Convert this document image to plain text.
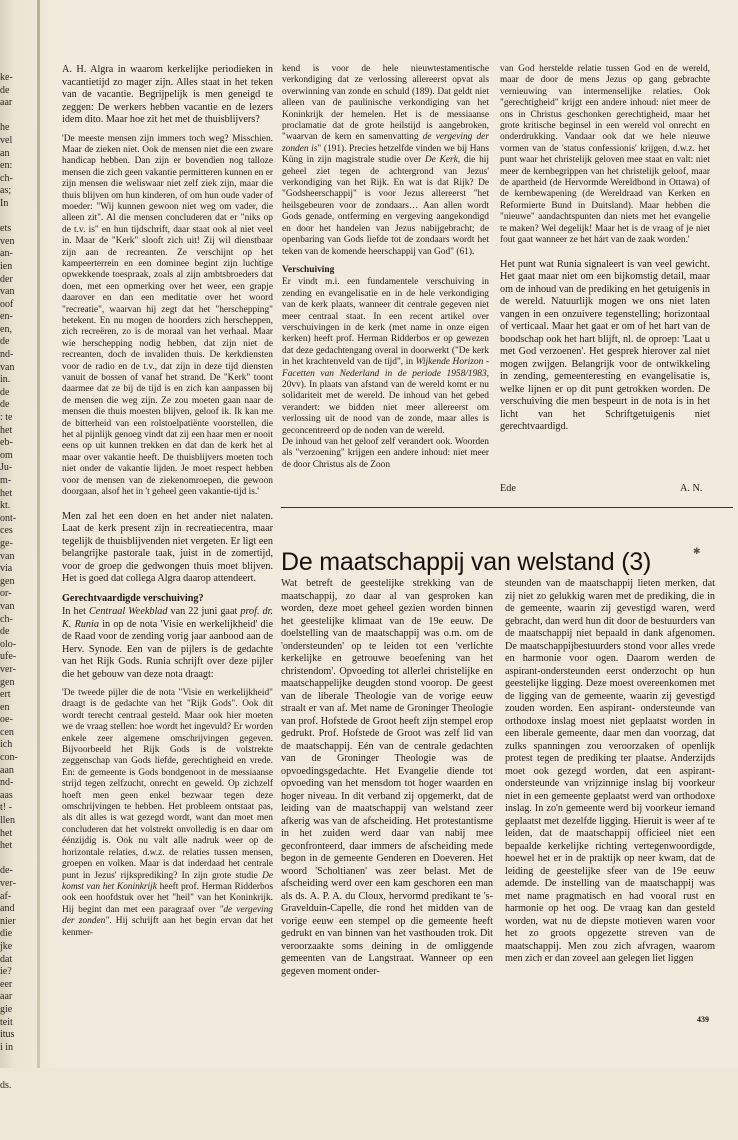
ke-
de
aar
he
vel
an
en:
ch-
as;
In
ets
ven
an-
ien
der
van
oof
en-
en,
de
nd-
van
in.
de
de
: te
het
eb-
om
Ju-
m-
het
kt.
ont-
ces
ge-
van
via
gen
or-
van
ch-
de
olo-
ufe-
ver-
gen
ert
en
oe-
cen
ich
con-
aan
nd-
aas
t! -
llen
het
het
de-
ver-
af-
and
nier
die
jke
dat
ie?
eer
aar
gie
teit
itus
i in
ds.

A. H. Algra in waarom kerkelijke periodieken in vacantietijd zo mager zijn. Alles staat in het teken van de vacantie. Begrijpelijk is men geneigd te zeggen: De werkers hebben vacantie en de lezers idem dito. Maar hoe zit het met de thuisblijvers?

'De meeste mensen zijn immers toch weg? Misschien. Maar de zieken niet. Ook de mensen niet die een zware handicap hebben. Dan zijn er bovendien nog talloze mensen die zich geen vakantie permitteren kunnen en er zijn mensen die weliswaar niet zelf ziek zijn, maar die thuis blijven om hun kinderen, of om hun oude vader of moeder: "Wij kunnen gewoon niet weg om vader, die alleen zit". Al die mensen concluderen dat er "niks op de t.v. is" en hun tijdschrift, daar staat ook al niet veel in. Maar de "Kerk" slooft zich uit! Zij wil dienstbaar zijn aan de recreanten. Ze verschijnt op het kampeerterrein en een dominee begint zijn luchtige opwekkende toespraak, zoals al zijn ambtsbroeders dat doen, met een opmerking over het weer, een grapje daarover en dan een meditatie over het woord "recreatie", waarvan hij zegt dat het "herschepping" betekent. En nu mogen de hoorders zich herscheppen, zich recreëren, zo is de moraal van het verhaal. Maar wie herschepping nodig hebben, dat zijn niet de recreanten, doch de invaliden thuis. De kerkdiensten voor de radio en de t.v., dat zijn in deze tijd diensten vanuit de bossen of vanaf het strand. De "Kerk" toont daarmee dat ze bij de tijd is en zich kan aanpassen bij de mensen die weg zijn. Ze zou moeten gaan naar de mensen die thuis moesten blijven, geloof ik. Ik kan me de bitterheid van een rolstoelpatiënte voorstellen, die het al pijnlijk genoeg vindt dat zij een haar men er nooit eens op uit kunnen trekken en dat dan de kerk het al maar over vakantie heeft. De thuisblijvers moeten toch niet onder de vakantie lijden. Je moet respect hebben voor de mensen van de ziekenomroepen, die gewoon doorgaan, alsof het in 't geheel geen vakantie-tijd is.'

Men zal het een doen en het ander niet nalaten. Laat de kerk present zijn in recreatiecentra, maar tegelijk de thuisblijvenden niet vergeten. Er ligt een belangrijke pastorale taak, juist in de zomertijd, voor de groep die gedwongen thuis moet blijven. Het is goed dat collega Algra daarop attendeert.

Gerechtvaardigde verschuiving?

In het Centraal Weekblad van 22 juni gaat prof. dr. K. Runia in op de nota 'Visie en werkelijkheid' die de Raad voor de zending vorig jaar aanbood aan de Herv. Synode. Een van de pijlers is de gedachte van het Rijk Gods. Runia schrijft over deze pijler die het gebouw van deze nota draagt:

'De tweede pijler die de nota "Visie en werkelijkheid" draagt is de gedachte van het "Rijk Gods". Ook dit wordt terecht centraal gesteld. Maar ook hier moeten we de vraag stellen: hoe wordt het ingevuld? Er worden enkele zeer algemene omschrijvingen gegeven. Bijvoorbeeld het Rijk Gods is de volstrekte zeggenschap van Gods liefde, gerechtigheid en vrede. En: de gemeente is Gods bondgenoot in de messiaanse strijd tegen zelfzucht, onrecht en geweld. Op zichzelf hoeft men geen enkel bezwaar tegen deze omschrijvingen te hebben. Het probleem ontstaat pas, als dit alles is wat gezegd wordt, want dan moet men concluderen dat het volstrekt onvolledig is en daar om éénzijdig is. Ook nu valt alle nadruk weer op de horizontale relaties, d.w.z. de relaties tussen mensen, groepen en volken. Maar is dat inderdaad het centrale punt in Jezus' rijksprediking? In zijn grote studie De komst van het Koninkrijk heeft prof. Herman Ridderbos ook een hoofdstuk over het "heil" van het Koninkrijk. Hij begint dan met een paragraaf over "de vergeving der zonden". Hij schrijft aan het begin ervan dat het kenmer-

kend is voor de hele nieuwtestamentische verkondiging dat ze verlossing allereerst opvat als overwinning van zonde en schuld (189). Dat geldt niet alleen van de paulinische verkondiging van het Koninkrijk der hemelen. Het is de messiaanse proclamatie dat de grote heilstijd is aangebroken, "waarvan de kern en samenvatting de vergeving der zonden is" (191). Precies hetzelfde vinden we bij Hans Küng in zijn magistrale studie over De Kerk, die hij geheel ziet tegen de achtergrond van Jezus' verkondiging van het Rijk. En wat is dat Rijk? De "Godsheerschappij" is voor Jezus allereerst "het heilsgebeuren voor de zondaars… Aan allen wordt Gods genade, ontferming en vergeving aangekondigd en door het handelen van Jezus nabijgebracht; de openbaring van Gods liefde tot de zondaars wordt het teken van de komende heerschappij van God" (61).

Verschuiving

Er vindt m.i. een fundamentele verschuiving in zending en evangelisatie en in de hele verkondiging van de kerk plaats, wanneer dit centrale gegeven niet meer centraal staat. In een recent artikel over verschuivingen in de kerk (met name in onze eigen kerken) heeft prof. Herman Ridderbos er op gewezen dat deze gedachtengang overal in doorwerkt ("De kerk in het krachtenveld van de tijd", in Wijkende Horizon - Facetten van Nederland in de periode 1958/1983, 20vv). In plaats van afstand van de wereld komt er nu solidariteit met de wereld. De inhoud van het gebed verandert: we bidden niet meer allereerst om verlossing uit de nood van de zonde, maar alles is geconcentreerd op de noden van de wereld.

De inhoud van het geloof zelf verandert ook. Woorden als "verzoening" krijgen een andere inhoud: niet meer de door Christus als de Zoon

van God herstelde relatie tussen God en de wereld, maar de door de mens Jezus op gang gebrachte vernieuwing van intermenselijke relaties. Ook "gerechtigheid" krijgt een andere inhoud: niet meer de ons in Christus geschonken gerechtigheid, maar het grote kritische beginsel in een wereld vol onrecht en onderdrukking. Vandaar ook dat we hele nieuwe vormen van de 'status confessionis' krijgen, d.w.z. het punt waar het christelijk geloven mee staat en valt: niet meer de kernbegrippen van het christelijk geloof, maar de apartheid (de Hervormde Wereldbond in Ottawa) of de kernbewapening (de Wereldraad van Kerken en Reformierte Bund in Duitsland). Maar hebben die "nieuwe" aandachtspunten dan niets met het evangelie te maken? Wel degelijk! Maar het is de vraag of je niet fout gaat wanneer ze het hárt van de zaak worden.'

Het punt wat Runia signaleert is van veel gewicht. Het gaat maar niet om een bijkomstig detail, maar om de inhoud van de prediking en het getuigenis in de wereld. Natuurlijk mogen we ons niet laten vangen in een onzuivere tegenstelling; horizontaal of verticaal. Maar het gaat er om of het hart van de boodschap ook het hart blijft, nl. de oproep: 'Laat u met God verzoenen'. Het gesprek hierover zal niet mogen zwijgen. Belangrijk voor de ontwikkeling in zending, gemeenteresting en evangelisatie is, welke lijnen er op dit punt getrokken worden. De verschuiving die men bespeurt in de nota is in het licht van het Schriftgetuigenis niet gerechtvaardigd.

Ede	A. N.
✱
De maatschappij van welstand (3)

Wat betreft de geestelijke strekking van de maatschappij, zo daar al van gesproken kan worden, deze moet geheel gezien worden binnen het geestelijke klimaat van de 19e eeuw. De doelstelling van de maatschappij was o.m. om de 'ondersteunden' op te leiden tot een 'verlichte kerkelijke en getrouwe beoefening van het christendom'. Opvoeding tot allerlei christelijke en maatschappelijke deugden stond voorop. De geest van de liberale Theologie van de vorige eeuw straalt er van af. Met name de Groninger Theologie van prof. Hofstede de Groot heeft zijn stempel erop gedrukt. Prof. Hofstede de Groot was zelf lid van de maatschappij. Eén van de centrale gedachten van de Groninger Theologie was de opvoedingsgedachte. Het Evangelie diende tot opvoeding van het mensdom tot hoger waarden en hoger niveau. In dit verband zij opgemerkt, dat de leiding van de maatschappij van welstand zeer afkerig was van de afscheiding. Het protestantisme in het zuiden werd daar van nabij mee geconfronteerd, daar immers de afscheiding mede begon in de gemeente Genderen en Doeveren. Het woord 'Scholtianen' was zeer belast. Met de afscheiding werd over een kam geschoren een man als ds. A. P. A. du Cloux, hervormd predikant te 's-Gravelduin-Capelle, die rond het midden van de vorige eeuw een stempel op die gemeente heeft gedrukt en van binnen van het vasthouden trok. Dit veroorzaakte soms deining in de omliggende gemeenten van de Langstraat. Wanneer op een gegeven moment onder-

steunden van de maatschappij lieten merken, dat zij niet zo gelukkig waren met de prediking, die in de gemeente, waarin zij gevestigd waren, werd gebracht, dan werd hun dit door de bestuurders van de maatschappij niet bepaald in dank afgenomen. De maatschappijbestuurders stond voor alles vrede en harmonie voor ogen. Daarom werden de aspirant-ondersteunden eerst onderzocht op hun geestelijke ligging. Deze moest overeenkomen met de ligging van de gemeente, waarin zij gevestigd zouden worden. Een aspirant- ondersteunde van orthodoxe inslag moest niet geplaatst worden in een liberale gemeente, daar men dan voorzag, dat zulks spanningen zou veroorzaken of openlijk protest tegen de prediking ter plaatse. Anderzijds moet ook gezegd worden, dat een aspirant-ondersteunde van vrijzinnige inslag bij voorkeur niet in een gemeente geplaatst werd van orthodoxe inslag. In zo'n gemeente werd bij voorkeur iemand geplaatst met dezelfde ligging. Hieruit is weer af te leiden, dat de maatschappij officieel niet een bepaalde kerkelijke richting vertegenwoordigde, hoewel het er in de praktijk op neer kwam, dat de leiding de geestelijke sfeer van de 19e eeuw ademde. De instelling van de maatschappij was met name pragmatisch en had vooral rust en harmonie op het oog. De vraag kan dan gesteld worden, wat nu de diepste motieven waren voor het zo groots opgezette streven van de maatschappij. Men zou zich afvragen, waarom men zich er dan zoveel aan gelegen liet liggen

439
